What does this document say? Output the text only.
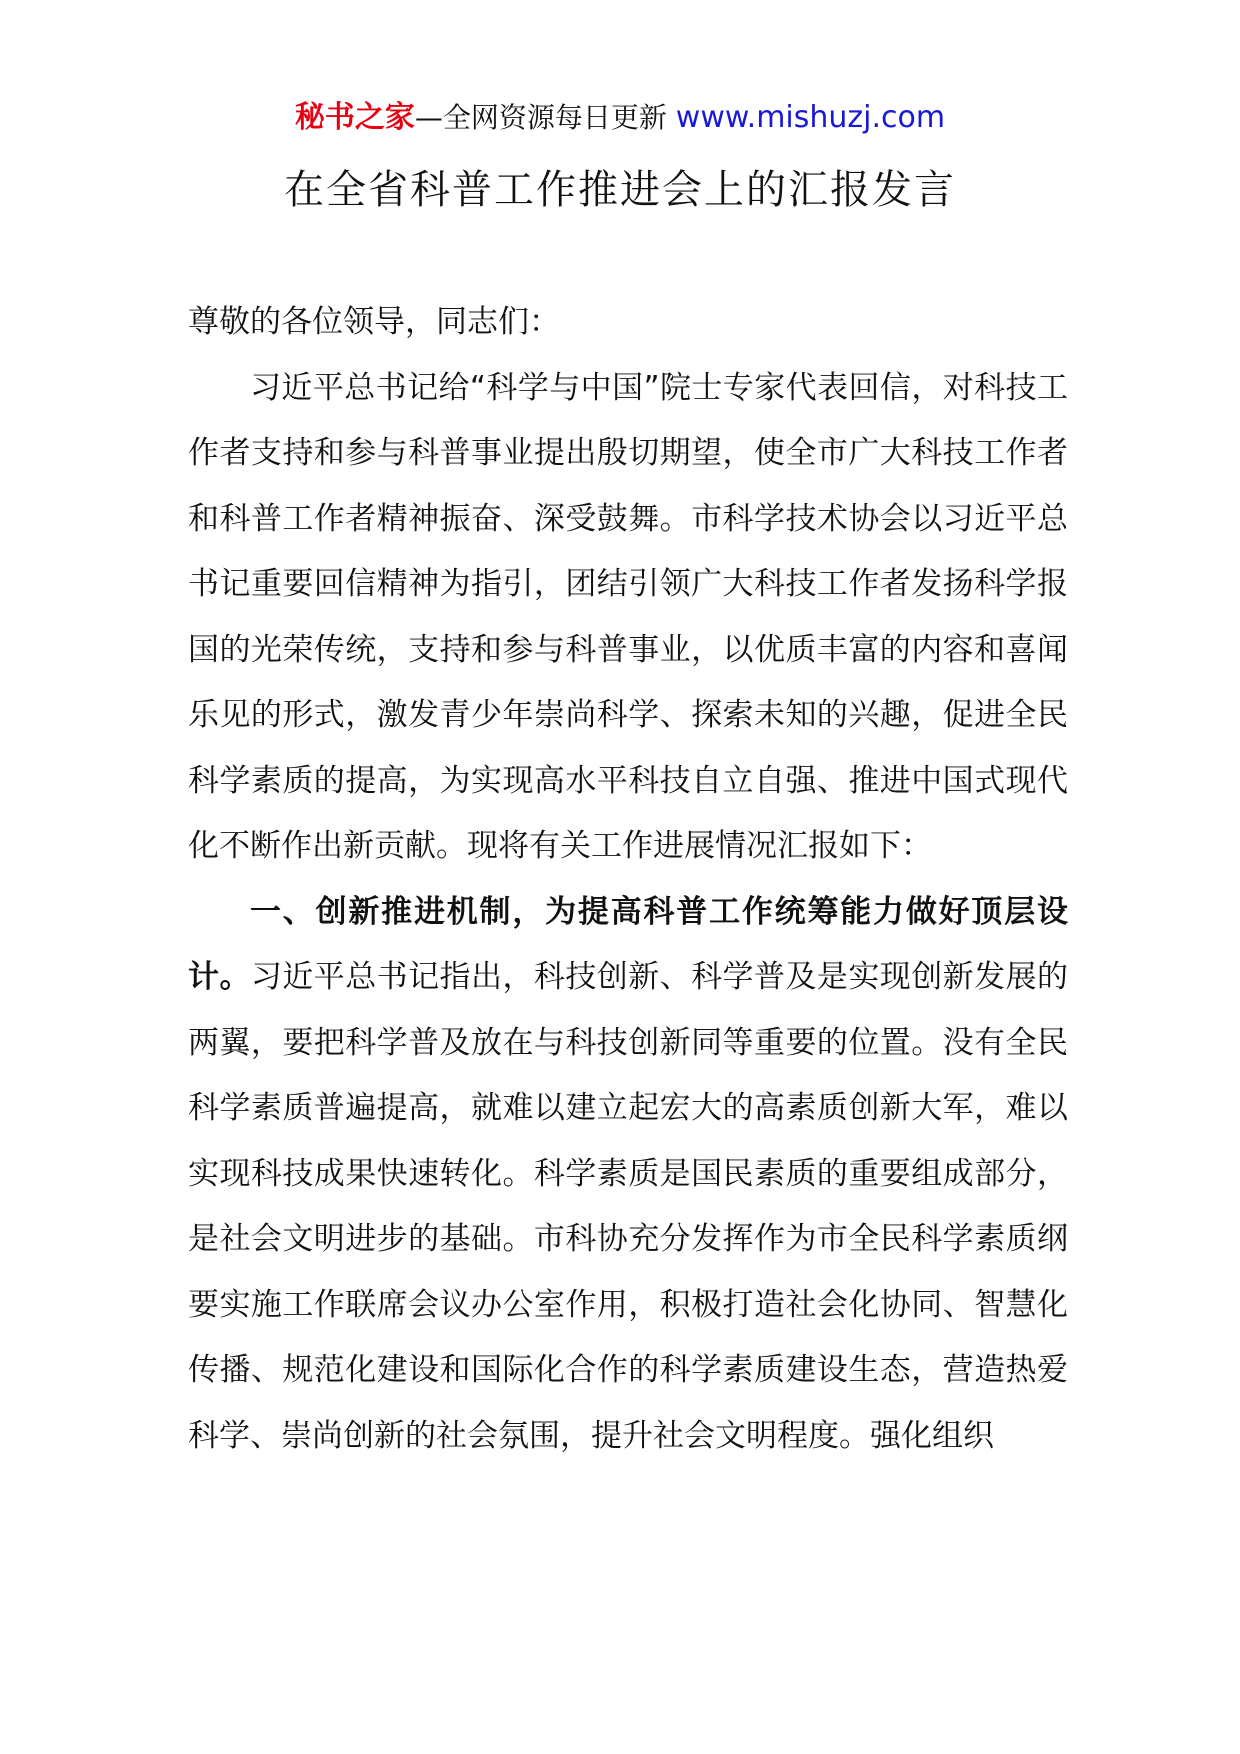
秘书之家—全网资源每日更新 www.mishuzj.com
在全省科普工作推进会上的汇报发言

尊敬的各位领导，同志们：

习近平总书记给“科学与中国”院士专家代表回信，对科技工作者支持和参与科普事业提出殷切期望，使全市广大科技工作者和科普工作者精神振奋、深受鼓舞。市科学技术协会以习近平总书记重要回信精神为指引，团结引领广大科技工作者发扬科学报国的光荣传统，支持和参与科普事业，以优质丰富的内容和喜闻乐见的形式，激发青少年崇尚科学、探索未知的兴趣，促进全民科学素质的提高，为实现高水平科技自立自强、推进中国式现代化不断作出新贡献。现将有关工作进展情况汇报如下：

一、创新推进机制，为提高科普工作统筹能力做好顶层设计。习近平总书记指出，科技创新、科学普及是实现创新发展的两翼，要把科学普及放在与科技创新同等重要的位置。没有全民科学素质普遍提高，就难以建立起宏大的高素质创新大军，难以实现科技成果快速转化。科学素质是国民素质的重要组成部分，是社会文明进步的基础。市科协充分发挥作为市全民科学素质纲要实施工作联席会议办公室作用，积极打造社会化协同、智慧化传播、规范化建设和国际化合作的科学素质建设生态，营造热爱科学、崇尚创新的社会氛围，提升社会文明程度。强化组织
